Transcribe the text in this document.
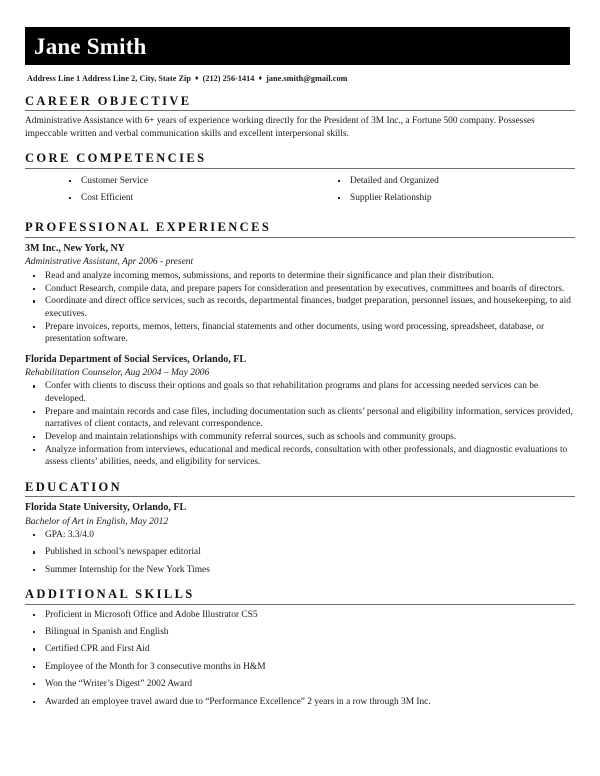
Jane Smith
Address Line 1 Address Line 2, City, State Zip ♦ (212) 256-1414 ♦ jane.smith@gmail.com
CAREER OBJECTIVE

Administrative Assistance with 6+ years of experience working directly for the President of 3M Inc., a Fortune 500 company. Possesses impeccable written and verbal communication skills and excellent interpersonal skills.

CORE COMPETENCIES
Customer Service
Cost Efficient
Detailed and Organized
Supplier Relationship
PROFESSIONAL EXPERIENCES
3M Inc., New York, NY
Administrative Assistant, Apr 2006 - present
Read and analyze incoming memos, submissions, and reports to determine their significance and plan their distribution.
Conduct Research, compile data, and prepare papers for consideration and presentation by executives, committees and boards of directors.
Coordinate and direct office services, such as records, departmental finances, budget preparation, personnel issues, and housekeeping, to aid executives.
Prepare invoices, reports, memos, letters, financial statements and other documents, using word processing, spreadsheet, database, or presentation software.
Florida Department of Social Services, Orlando, FL
Rehabilitation Counselor, Aug 2004 – May 2006
Confer with clients to discuss their options and goals so that rehabilitation programs and plans for accessing needed services can be developed.
Prepare and maintain records and case files, including documentation such as clients’ personal and eligibility information, services provided, narratives of client contacts, and relevant correspondence.
Develop and maintain relationships with community referral sources, such as schools and community groups.
Analyze information from interviews, educational and medical records, consultation with other professionals, and diagnostic evaluations to assess clients’ abilities, needs, and eligibility for services.
EDUCATION
Florida State University, Orlando, FL
Bachelor of Art in English, May 2012
GPA: 3.3/4.0
Published in school’s newspaper editorial
Summer Internship for the New York Times
ADDITIONAL SKILLS
Proficient in Microsoft Office and Adobe Illustrator CS5
Bilingual in Spanish and English
Certified CPR and First Aid
Employee of the Month for 3 consecutive months in H&M
Won the “Writer’s Digest” 2002 Award
Awarded an employee travel award due to “Performance Excellence” 2 years in a row through 3M Inc.
